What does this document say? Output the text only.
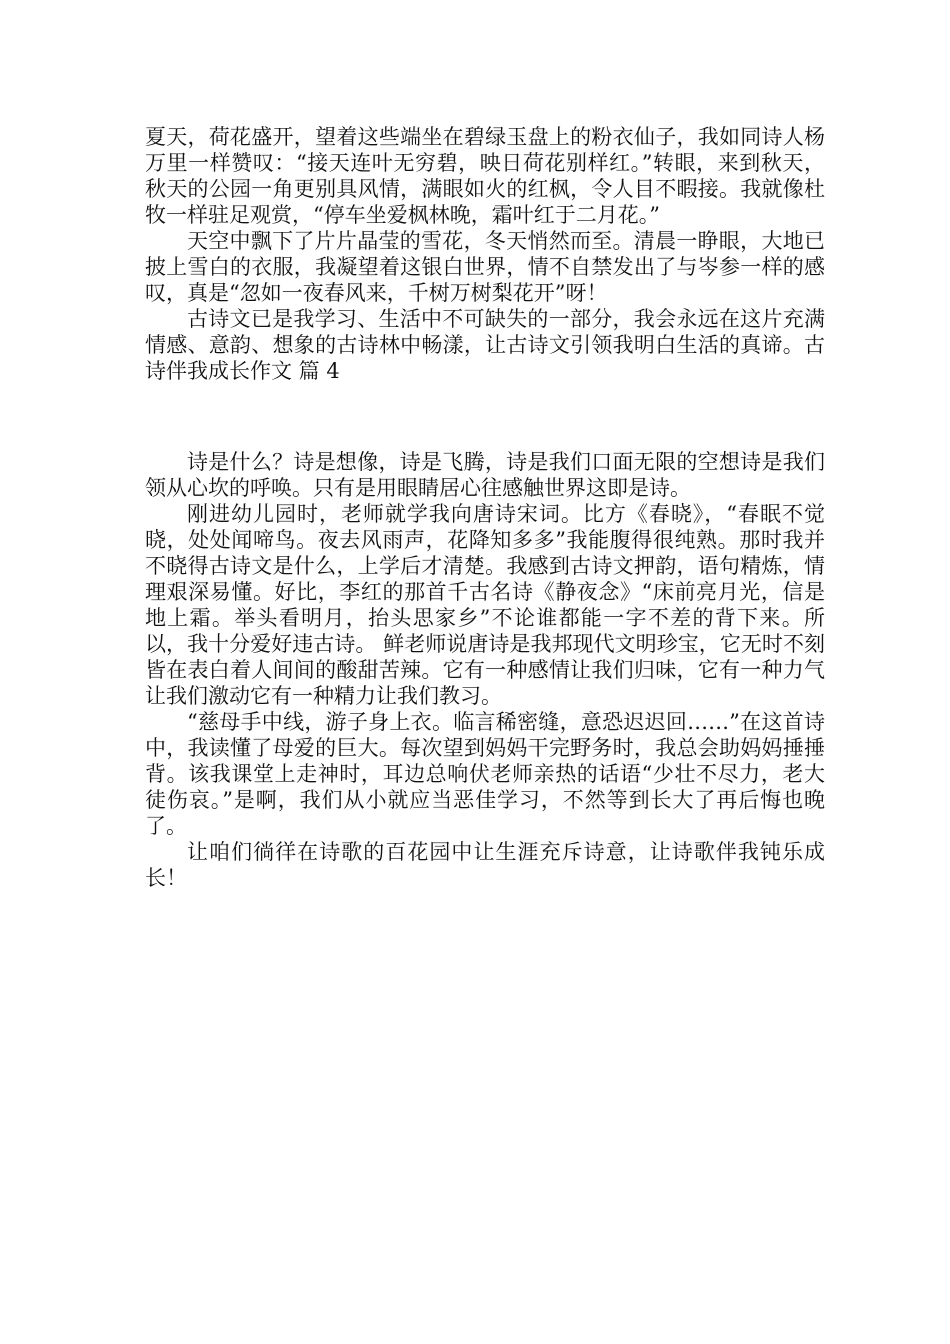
夏天，荷花盛开，望着这些端坐在碧绿玉盘上的粉衣仙子，我如同诗人杨万里一样赞叹：“接天连叶无穷碧，映日荷花别样红。”转眼，来到秋天，秋天的公园一角更别具风情，满眼如火的红枫，令人目不暇接。我就像杜牧一样驻足观赏，“停车坐爱枫林晚，霜叶红于二月花。”

天空中飘下了片片晶莹的雪花，冬天悄然而至。清晨一睁眼，大地已披上雪白的衣服，我凝望着这银白世界，情不自禁发出了与岑参一样的感叹，真是“忽如一夜春风来，千树万树梨花开”呀！

古诗文已是我学习、生活中不可缺失的一部分，我会永远在这片充满情感、意韵、想象的古诗林中畅漾，让古诗文引领我明白生活的真谛。古诗伴我成长作文 篇 4

诗是什么？诗是想像，诗是飞腾，诗是我们口面无限的空想诗是我们领从心坎的呼唤。只有是用眼睛居心往感触世界这即是诗。

刚进幼儿园时，老师就学我向唐诗宋词。比方《春晓》，“春眠不觉晓，处处闻啼鸟。夜去风雨声，花降知多多”我能腹得很纯熟。那时我并不晓得古诗文是什么，上学后才清楚。我感到古诗文押韵，语句精炼，情理艰深易懂。好比，李红的那首千古名诗《静夜念》“床前亮月光，信是地上霜。举头看明月，抬头思家乡”不论谁都能一字不差的背下来。所以，我十分爱好违古诗。 鲜老师说唐诗是我邦现代文明珍宝，它无时不刻皆在表白着人间间的酸甜苦辣。它有一种感情让我们归味，它有一种力气让我们激动它有一种精力让我们教习。

“慈母手中线，游子身上衣。临言稀密缝，意恐迟迟回……”在这首诗中，我读懂了母爱的巨大。每次望到妈妈干完野务时，我总会助妈妈捶捶背。该我课堂上走神时，耳边总响伏老师亲热的话语“少壮不尽力，老大徒伤哀。”是啊，我们从小就应当恶佳学习，不然等到长大了再后悔也晚了。

让咱们徜徉在诗歌的百花园中让生涯充斥诗意，让诗歌伴我钝乐成长！
